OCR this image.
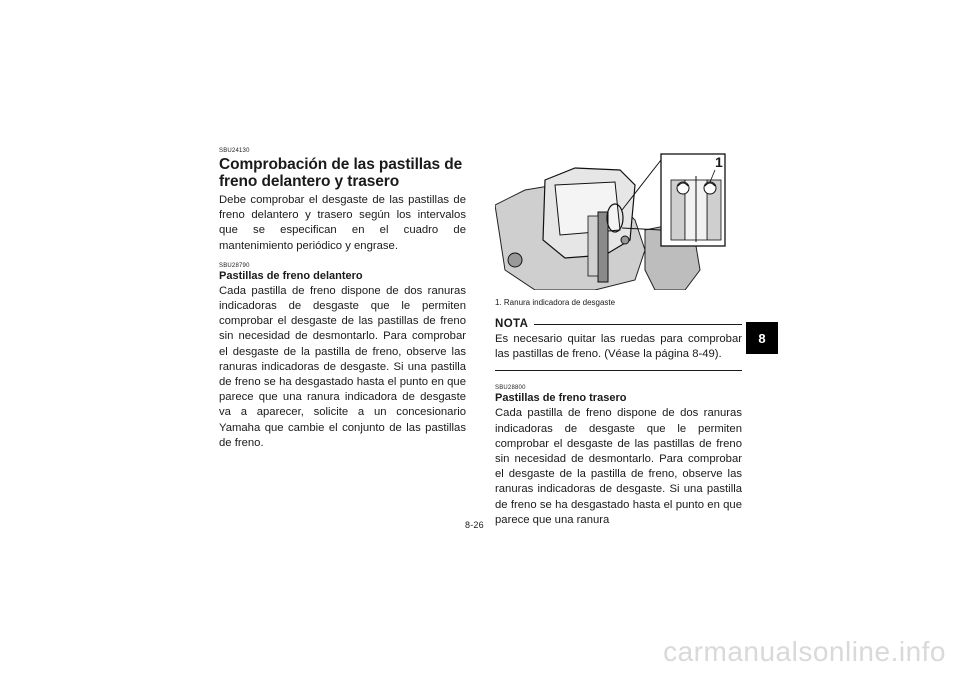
SBU24130
Comprobación de las pastillas de freno delantero y trasero

Debe comprobar el desgaste de las pastillas de freno delantero y trasero según los intervalos que se especifican en el cuadro de mantenimiento periódico y engrase.

SBU28790
Pastillas de freno delantero

Cada pastilla de freno dispone de dos ranuras indicadoras de desgaste que le permiten comprobar el desgaste de las pastillas de freno sin necesidad de desmontarlo. Para comprobar el desgaste de la pastilla de freno, observe las ranuras indicadoras de desgaste. Si una pastilla de freno se ha desgastado hasta el punto en que parece que una ranura indicadora de desgaste va a aparecer, solicite a un concesionario Yamaha que cambie el conjunto de las pastillas de freno.

1
1. Ranura indicadora de desgaste
NOTA

Es necesario quitar las ruedas para comprobar las pastillas de freno. (Véase la página 8-49).

SBU28800
Pastillas de freno trasero

Cada pastilla de freno dispone de dos ranuras indicadoras de desgaste que le permiten comprobar el desgaste de las pastillas de freno sin necesidad de desmontarlo. Para comprobar el desgaste de la pastilla de freno, observe las ranuras indicadoras de desgaste. Si una pastilla de freno se ha desgastado hasta el punto en que parece que una ranura

8
8-26
carmanualsonline.info
